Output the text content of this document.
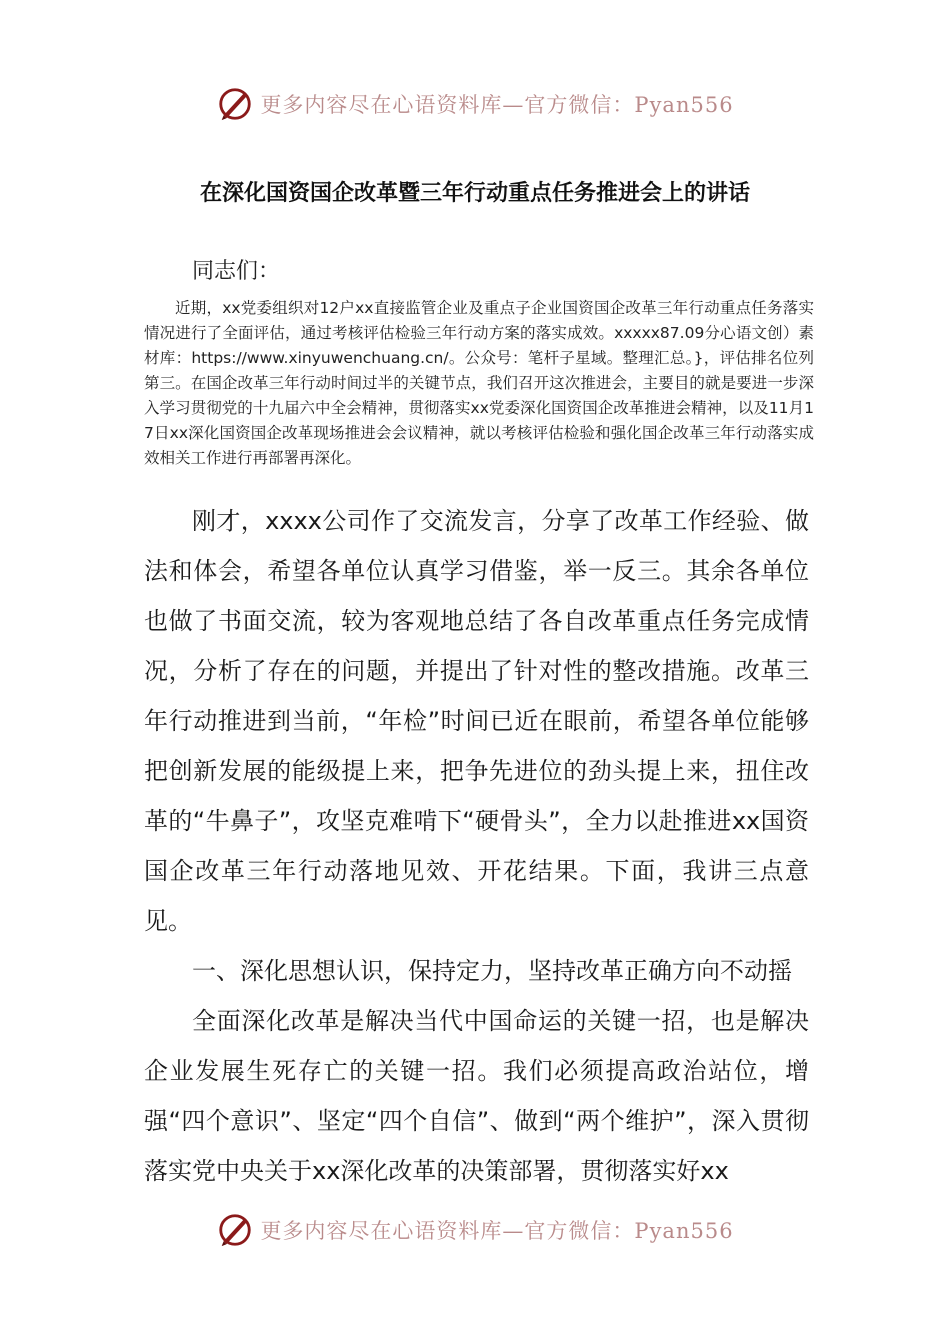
更多内容尽在心语资料库—官方微信：Pyan556
在深化国资国企改革暨三年行动重点任务推进会上的讲话
同志们：

近期，xx党委组织对12户xx直接监管企业及重点子企业国资国企改革三年行动重点任务落实情况进行了全面评估，通过考核评估检验三年行动方案的落实成效。xxxxx87.09分心语文创）素材库：https://www.xinyuwenchuang.cn/。公众号：笔杆子星域。整理汇总。}，评估排名位列第三。在国企改革三年行动时间过半的关键节点，我们召开这次推进会，主要目的就是要进一步深入学习贯彻党的十九届六中全会精神，贯彻落实xx党委深化国资国企改革推进会精神，以及11月17日xx深化国资国企改革现场推进会会议精神，就以考核评估检验和强化国企改革三年行动落实成效相关工作进行再部署再深化。

刚才，xxxx公司作了交流发言，分享了改革工作经验、做法和体会，希望各单位认真学习借鉴，举一反三。其余各单位也做了书面交流，较为客观地总结了各自改革重点任务完成情况，分析了存在的问题，并提出了针对性的整改措施。改革三年行动推进到当前，“年检”时间已近在眼前，希望各单位能够把创新发展的能级提上来，把争先进位的劲头提上来，扭住改革的“牛鼻子”，攻坚克难啃下“硬骨头”，全力以赴推进xx国资国企改革三年行动落地见效、开花结果。下面，我讲三点意见。

一、深化思想认识，保持定力，坚持改革正确方向不动摇

全面深化改革是解决当代中国命运的关键一招，也是解决企业发展生死存亡的关键一招。我们必须提高政治站位，增强“四个意识”、坚定“四个自信”、做到“两个维护”，深入贯彻落实党中央关于xx深化改革的决策部署，贯彻落实好xx

更多内容尽在心语资料库—官方微信：Pyan556
